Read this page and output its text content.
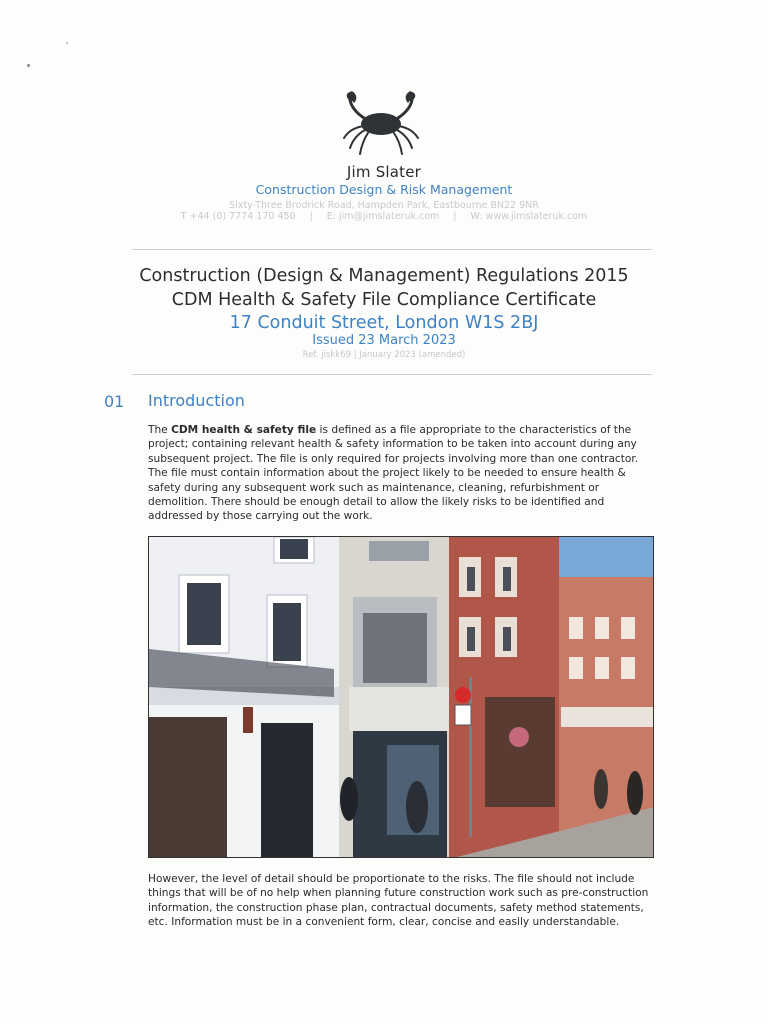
Jim Slater
Construction Design & Risk Management
Sixty-Three Brodrick Road, Hampden Park, Eastbourne BN22 9NR
T +44 (0) 7774 170 450 | E: jim@jimslateruk.com | W: www.jimslateruk.com
Construction (Design & Management) Regulations 2015
CDM Health & Safety File Compliance Certificate
17 Conduit Street, London W1S 2BJ
Issued 23 March 2023
Ref. jisḱk69 | January 2023 (amended)
01 Introduction
The CDM health & safety file is defined as a file appropriate to the characteristics of the project; containing relevant health & safety information to be taken into account during any subsequent project. The file is only required for projects involving more than one contractor. The file must contain information about the project likely to be needed to ensure health & safety during any subsequent work such as maintenance, cleaning, refurbishment or demolition. There should be enough detail to allow the likely risks to be identified and addressed by those carrying out the work.
However, the level of detail should be proportionate to the risks. The file should not include things that will be of no help when planning future construction work such as pre-construction information, the construction phase plan, contractual documents, safety method statements, etc. Information must be in a convenient form, clear, concise and easily understandable.
